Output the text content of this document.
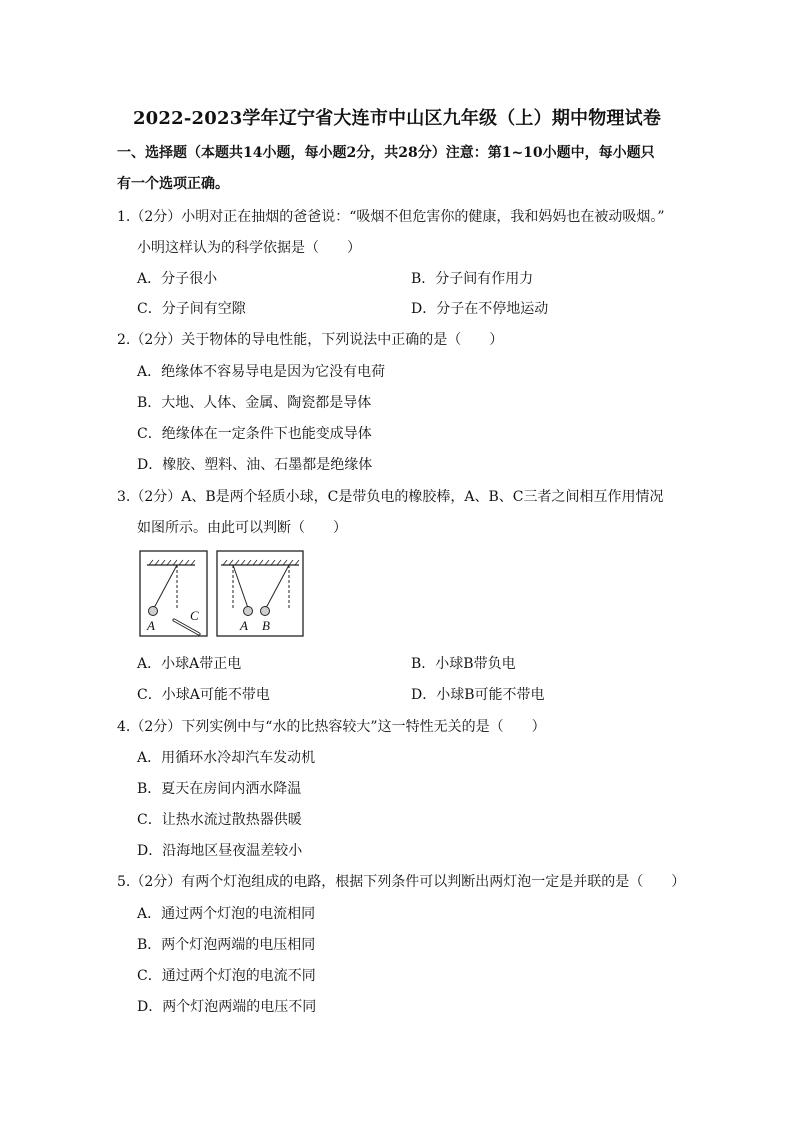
2022-2023学年辽宁省大连市中山区九年级（上）期中物理试卷
一、选择题（本题共14小题，每小题2分，共28分）注意：第1~10小题中，每小题只
有一个选项正确。
1.（2分）小明对正在抽烟的爸爸说：“吸烟不但危害你的健康，我和妈妈也在被动吸烟。”
小明这样认为的科学依据是（　　）
A．分子很小	B．分子间有作用力
C．分子间有空隙	D．分子在不停地运动
2.（2分）关于物体的导电性能，下列说法中正确的是（　　）
A．绝缘体不容易导电是因为它没有电荷
B．大地、人体、金属、陶瓷都是导体
C．绝缘体在一定条件下也能变成导体
D．橡胶、塑料、油、石墨都是绝缘体
3.（2分）A、B是两个轻质小球，C是带负电的橡胶棒，A、B、C三者之间相互作用情况
如图所示。由此可以判断（　　）
A
C
A B
A．小球A带正电	B．小球B带负电
C．小球A可能不带电	D．小球B可能不带电
4.（2分）下列实例中与“水的比热容较大”这一特性无关的是（　　）
A．用循环水冷却汽车发动机
B．夏天在房间内洒水降温
C．让热水流过散热器供暖
D．沿海地区昼夜温差较小
5.（2分）有两个灯泡组成的电路，根据下列条件可以判断出两灯泡一定是并联的是（　　）
A．通过两个灯泡的电流相同
B．两个灯泡两端的电压相同
C．通过两个灯泡的电流不同
D．两个灯泡两端的电压不同
